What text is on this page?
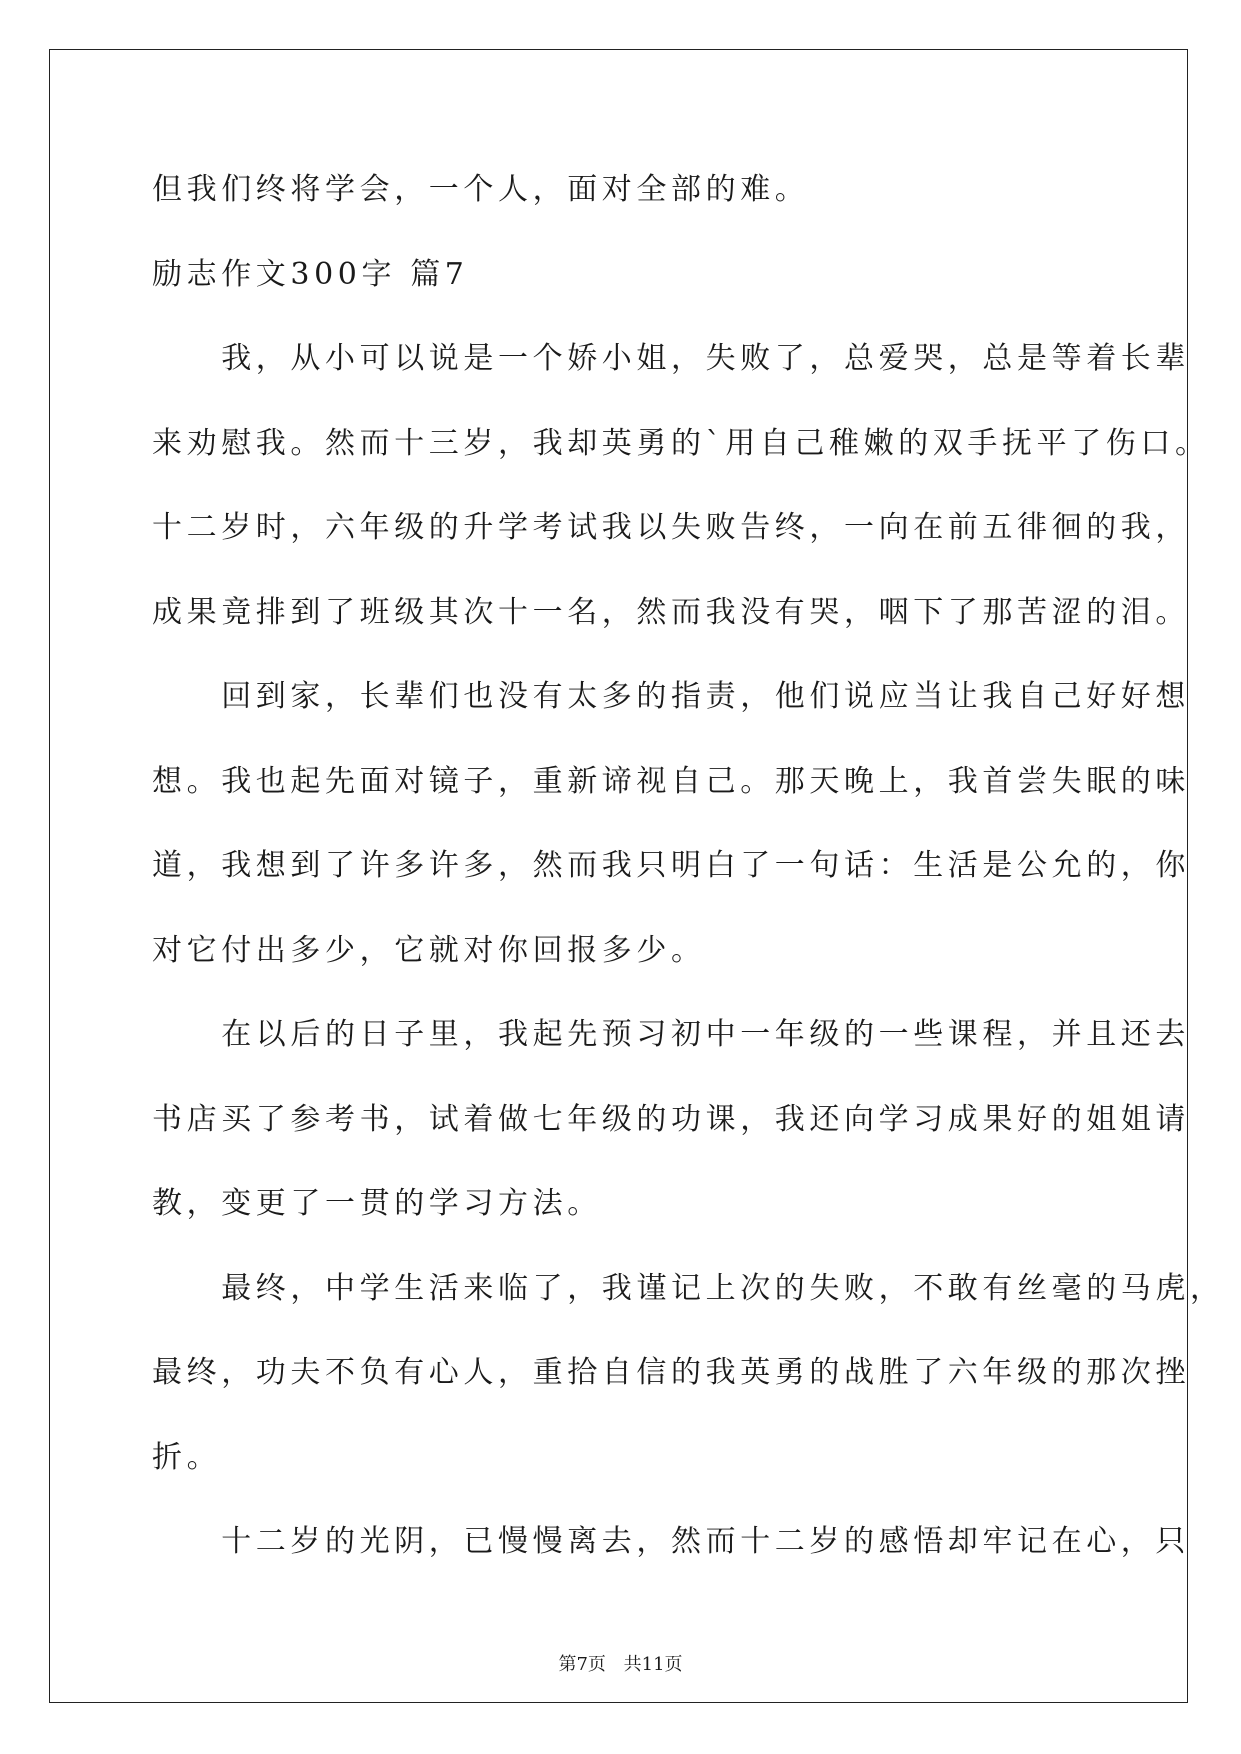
但我们终将学会，一个人，面对全部的难。
励志作文300字 篇7
　　我，从小可以说是一个娇小姐，失败了，总爱哭，总是等着长辈
来劝慰我。然而十三岁，我却英勇的`用自己稚嫩的双手抚平了伤口。
十二岁时，六年级的升学考试我以失败告终，一向在前五徘徊的我，
成果竟排到了班级其次十一名，然而我没有哭，咽下了那苦涩的泪。
　　回到家，长辈们也没有太多的指责，他们说应当让我自己好好想
想。我也起先面对镜子，重新谛视自己。那天晚上，我首尝失眠的味
道，我想到了许多许多，然而我只明白了一句话：生活是公允的，你
对它付出多少，它就对你回报多少。
　　在以后的日子里，我起先预习初中一年级的一些课程，并且还去
书店买了参考书，试着做七年级的功课，我还向学习成果好的姐姐请
教，变更了一贯的学习方法。
　　最终，中学生活来临了，我谨记上次的失败，不敢有丝毫的马虎，
最终，功夫不负有心人，重拾自信的我英勇的战胜了六年级的那次挫
折。
　　十二岁的光阴，已慢慢离去，然而十二岁的感悟却牢记在心，只
第7页 共11页
